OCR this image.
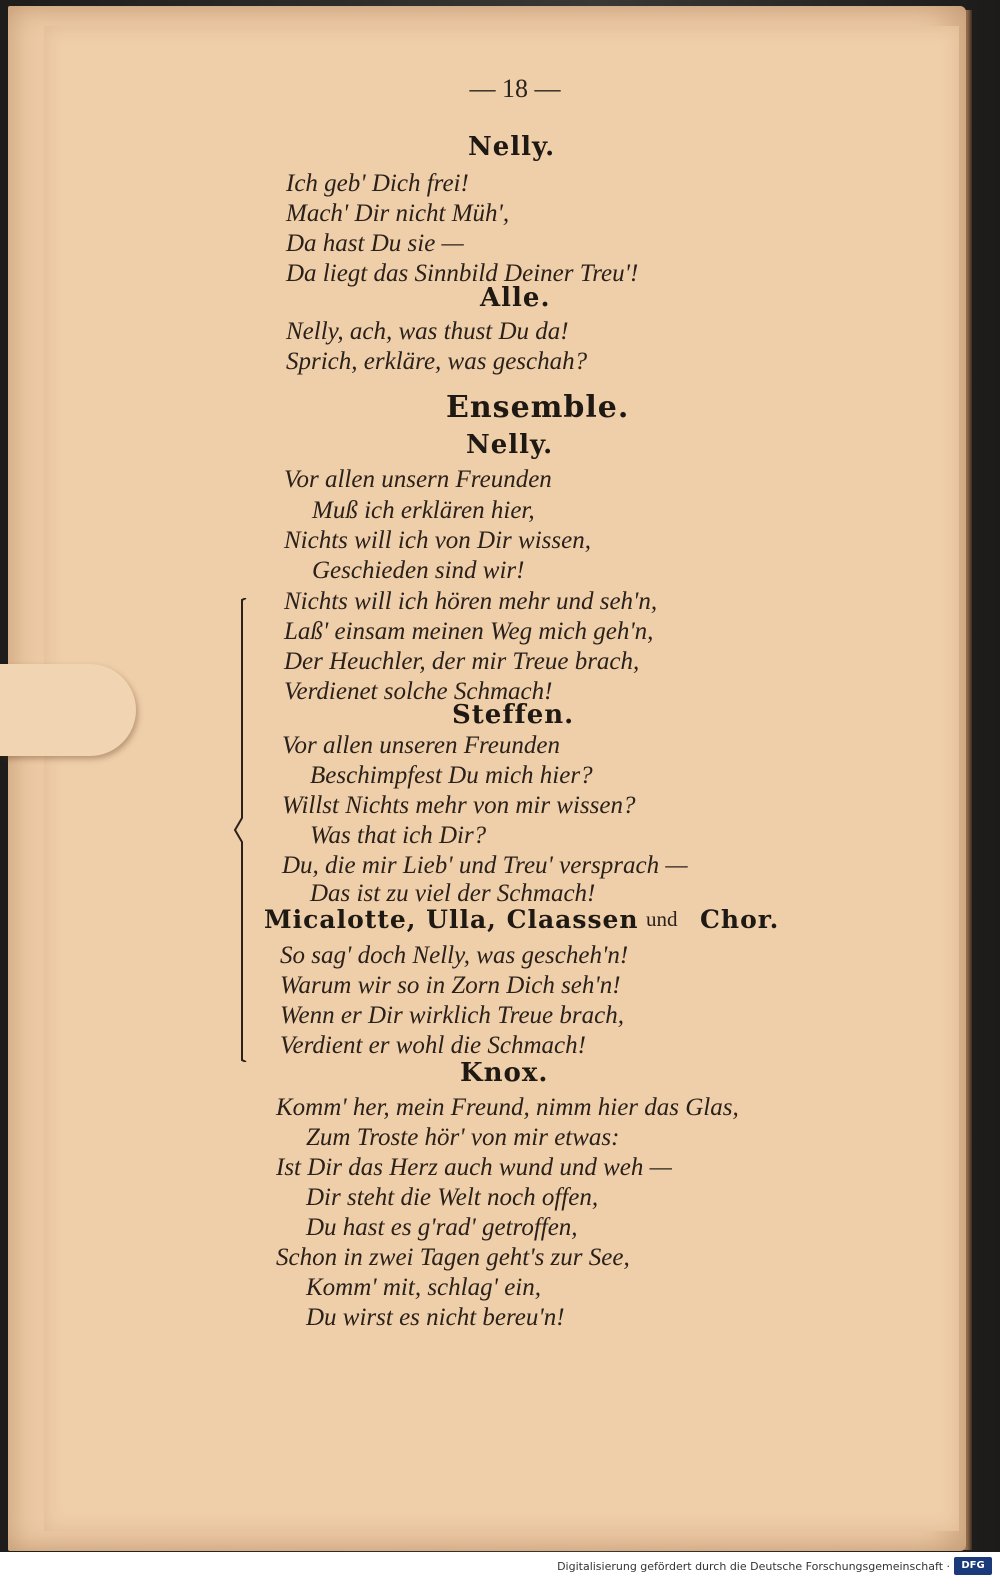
— 18 —
Nelly.
Ich geb' Dich frei!
Mach' Dir nicht Müh',
Da hast Du sie —
Da liegt das Sinnbild Deiner Treu'!
Alle.
Nelly, ach, was thust Du da!
Sprich, erkläre, was geschah?
Ensemble.
Nelly.
Vor allen unsern Freunden
Muß ich erklären hier,
Nichts will ich von Dir wissen,
Geschieden sind wir!
Nichts will ich hören mehr und seh'n,
Laß' einsam meinen Weg mich geh'n,
Der Heuchler, der mir Treue brach,
Verdienet solche Schmach!
Steffen.
Vor allen unseren Freunden
Beschimpfest Du mich hier?
Willst Nichts mehr von mir wissen?
Was that ich Dir?
Du, die mir Lieb' und Treu' versprach —
Das ist zu viel der Schmach!
Micalotte, Ulla, Claassen und Chor.
So sag' doch Nelly, was gescheh'n!
Warum wir so in Zorn Dich seh'n!
Wenn er Dir wirklich Treue brach,
Verdient er wohl die Schmach!
Knox.
Komm' her, mein Freund, nimm hier das Glas,
Zum Troste hör' von mir etwas:
Ist Dir das Herz auch wund und weh —
Dir steht die Welt noch offen,
Du hast es g'rad' getroffen,
Schon in zwei Tagen geht's zur See,
Komm' mit, schlag' ein,
Du wirst es nicht bereu'n!
Digitalisierung gefördert durch die Deutsche Forschungsgemeinschaft ·	DFG
